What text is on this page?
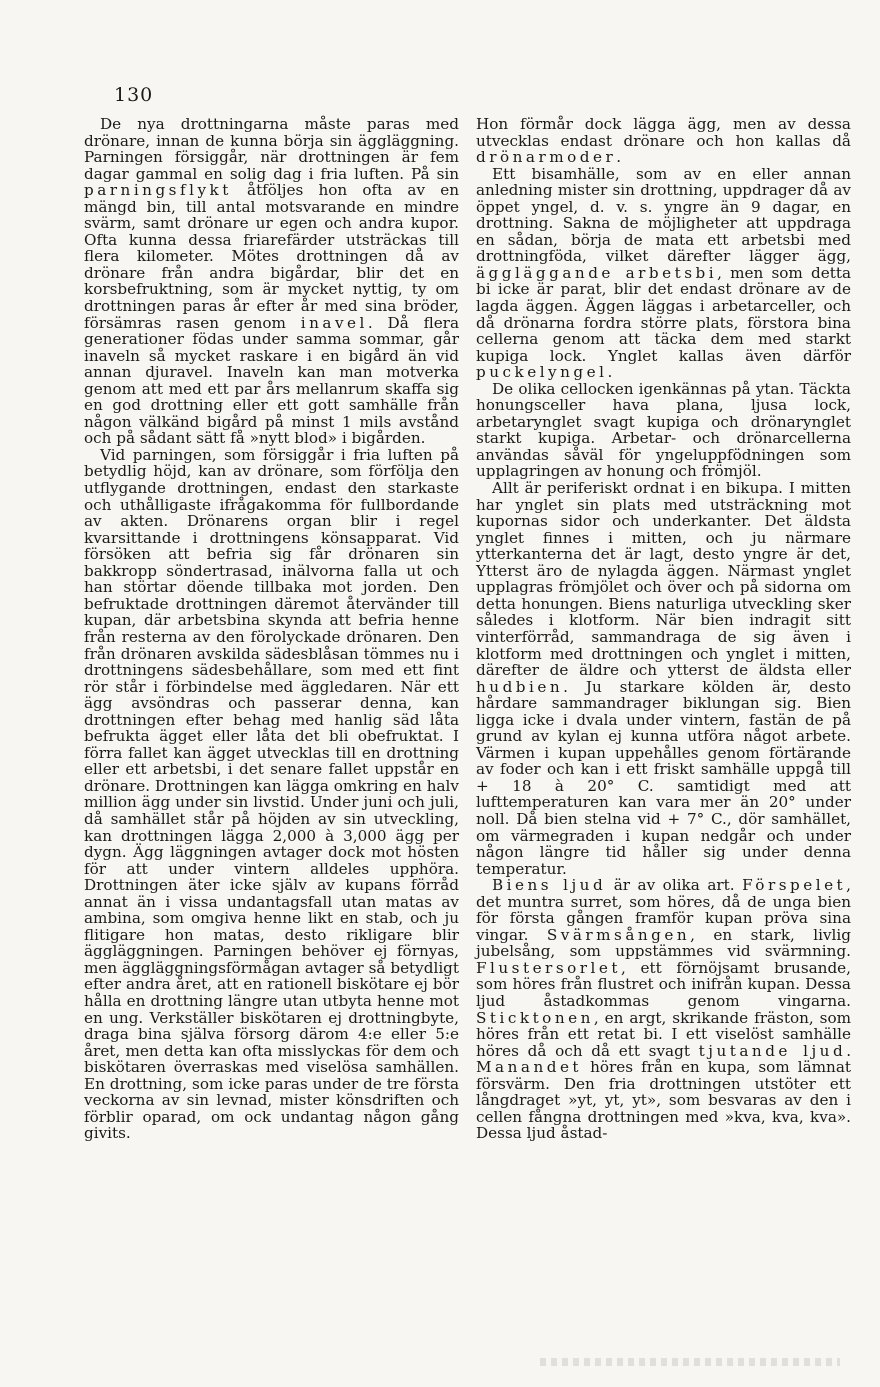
130

De nya drottningarna måste paras med drönare, innan de kunna börja sin äggläggning. Parningen försiggår, när drottningen är fem dagar gammal en solig dag i fria luften. På sin parningsflykt åtföljes hon ofta av en mängd bin, till antal motsvarande en mindre svärm, samt drönare ur egen och andra kupor. Ofta kunna dessa friarefärder utsträckas till flera kilometer. Mötes drottningen då av drönare från andra bigårdar, blir det en korsbefruktning, som är mycket nyttig, ty om drottningen paras år efter år med sina bröder, försämras rasen genom inavel. Då flera generationer födas under samma sommar, går inaveln så mycket raskare i en bigård än vid annan djuravel. Inaveln kan man motverka genom att med ett par års mellanrum skaffa sig en god drottning eller ett gott samhälle från någon välkänd bigård på minst 1 mils avstånd och på sådant sätt få »nytt blod» i bigården.

Vid parningen, som försiggår i fria luften på betydlig höjd, kan av drönare, som förfölja den utflygande drottningen, endast den starkaste och uthålligaste ifrågakomma för fullbordande av akten. Drönarens organ blir i regel kvarsittande i drottningens könsapparat. Vid försöken att befria sig får drönaren sin bakkropp söndertrasad, inälvorna falla ut och han störtar döende tillbaka mot jorden. Den befruktade drottningen däremot återvänder till kupan, där arbetsbina skynda att befria henne från resterna av den förolyckade drönaren. Den från drönaren avskilda sädesblåsan tömmes nu i drottningens sädesbehållare, som med ett fint rör står i förbindelse med äggledaren. När ett ägg avsöndras och passerar denna, kan drottningen efter behag med hanlig säd låta befrukta ägget eller låta det bli obefruktat. I förra fallet kan ägget utvecklas till en drottning eller ett arbetsbi, i det senare fallet uppstår en drönare. Drottningen kan lägga omkring en halv million ägg under sin livstid. Under juni och juli, då samhället står på höjden av sin utveckling, kan drottningen lägga 2,000 à 3,000 ägg per dygn. Ägg läggningen avtager dock mot hösten för att under vintern alldeles upphöra. Drottningen äter icke själv av kupans förråd annat än i vissa undantagsfall utan matas av ambina, som omgiva henne likt en stab, och ju flitigare hon matas, desto rikligare blir äggläggningen. Parningen behöver ej förnyas, men äggläggningsförmågan avtager så betydligt efter andra året, att en rationell biskötare ej bör hålla en drottning längre utan utbyta henne mot en ung. Verkställer biskötaren ej drottningbyte, draga bina själva försorg därom 4:e eller 5:e året, men detta kan ofta misslyckas för dem och biskötaren överraskas med viselösa samhällen. En drottning, som icke paras under de tre första veckorna av sin levnad, mister könsdriften och förblir oparad, om ock undantag någon gång givits.

Hon förmår dock lägga ägg, men av dessa utvecklas endast drönare och hon kallas då drönarmoder.

Ett bisamhälle, som av en eller annan anledning mister sin drottning, uppdrager då av öppet yngel, d. v. s. yngre än 9 dagar, en drottning. Sakna de möjligheter att uppdraga en sådan, börja de mata ett arbetsbi med drottningföda, vilket därefter lägger ägg, äggläggande arbetsbi, men som detta bi icke är parat, blir det endast drönare av de lagda äggen. Äggen läggas i arbetarceller, och då drönarna fordra större plats, förstora bina cellerna genom att täcka dem med starkt kupiga lock. Ynglet kallas även därför puckelyngel.

De olika cellocken igenkännas på ytan. Täckta honungsceller hava plana, ljusa lock, arbetarynglet svagt kupiga och drönarynglet starkt kupiga. Arbetar- och drönarcellerna användas såväl för yngeluppfödningen som upplagringen av honung och frömjöl.

Allt är periferiskt ordnat i en bikupa. I mitten har ynglet sin plats med utsträckning mot kupornas sidor och underkanter. Det äldsta ynglet finnes i mitten, och ju närmare ytterkanterna det är lagt, desto yngre är det, Ytterst äro de nylagda äggen. Närmast ynglet upplagras frömjölet och över och på sidorna om detta honungen. Biens naturliga utveckling sker således i klotform. När bien indragit sitt vinterförråd, sammandraga de sig även i klotform med drottningen och ynglet i mitten, därefter de äldre och ytterst de äldsta eller hudbien. Ju starkare kölden är, desto hårdare sammandrager biklungan sig. Bien ligga icke i dvala under vintern, fastän de på grund av kylan ej kunna utföra något arbete. Värmen i kupan uppehålles genom förtärande av foder och kan i ett friskt samhälle uppgå till + 18 à 20° C. samtidigt med att lufttemperaturen kan vara mer än 20° under noll. Då bien stelna vid + 7° C., dör samhället, om värmegraden i kupan nedgår och under någon längre tid håller sig under denna temperatur.

Biens ljud är av olika art. Förspelet, det muntra surret, som höres, då de unga bien för första gången framför kupan pröva sina vingar. Svärmsången, en stark, livlig jubelsång, som uppstämmes vid svärmning. Flustersorlet, ett förnöjsamt brusande, som höres från flustret och inifrån kupan. Dessa ljud åstadkommas genom vingarna. Sticktonen, en argt, skrikande fräston, som höres från ett retat bi. I ett viselöst samhälle höres då och då ett svagt tjutande ljud. Manandet höres från en kupa, som lämnat försvärm. Den fria drottningen utstöter ett långdraget »yt, yt, yt», som besvaras av den i cellen fångna drottningen med »kva, kva, kva». Dessa ljud åstad-
